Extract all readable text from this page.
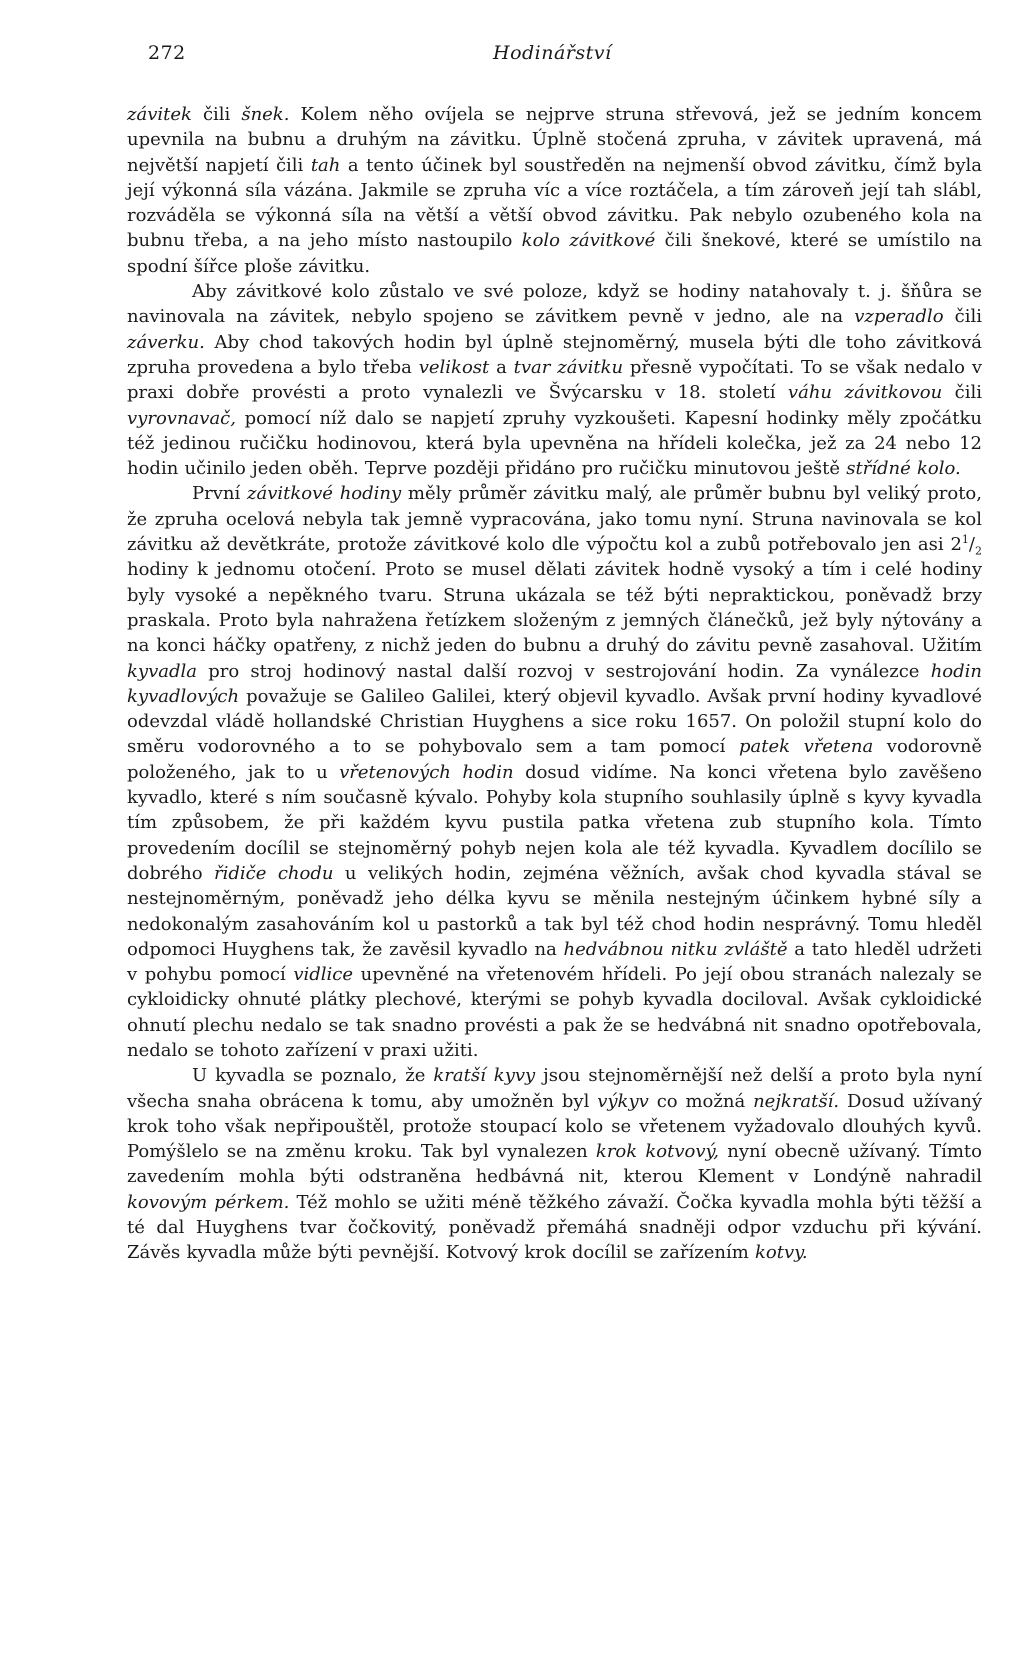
272	Hodinářství

závitek čili šnek. Kolem něho ovíjela se nejprve struna střevová, jež se jedním koncem upevnila na bubnu a druhým na závitku. Úplně stočená zpruha, v závitek upravená, má největší napjetí čili tah a tento účinek byl soustředěn na nejmenší obvod závitku, čímž byla její výkonná síla vázána. Jakmile se zpruha víc a více roztáčela, a tím zároveň její tah slábl, rozváděla se výkonná síla na větší a větší obvod závitku. Pak nebylo ozubeného kola na bubnu třeba, a na jeho místo nastoupilo kolo závitkové čili šnekové, které se umístilo na spodní šířce ploše závitku.

Aby závitkové kolo zůstalo ve své poloze, když se hodiny natahovaly t. j. šňůra se navinovala na závitek, nebylo spojeno se závitkem pevně v jedno, ale na vzperadlo čili záverku. Aby chod takových hodin byl úplně stejnoměrný, musela býti dle toho závitková zpruha provedena a bylo třeba velikost a tvar závitku přesně vypočítati. To se však nedalo v praxi dobře provésti a proto vynalezli ve Švýcarsku v 18. století váhu závitkovou čili vyrovnavač, pomocí níž dalo se napjetí zpruhy vyzkoušeti. Kapesní hodinky měly zpočátku též jedinou ručičku hodinovou, která byla upevněna na hřídeli kolečka, jež za 24 nebo 12 hodin učinilo jeden oběh. Teprve později přidáno pro ručičku minutovou ještě střídné kolo.

První závitkové hodiny měly průměr závitku malý, ale průměr bubnu byl veliký proto, že zpruha ocelová nebyla tak jemně vypracována, jako tomu nyní. Struna navinovala se kol závitku až devětkráte, protože závitkové kolo dle výpočtu kol a zubů potřebovalo jen asi $2^1/_2$ hodiny k jednomu otočení. Proto se musel dělati závitek hodně vysoký a tím i celé hodiny byly vysoké a nepěkného tvaru. Struna ukázala se též býti nepraktickou, poněvadž brzy praskala. Proto byla nahražena řetízkem složeným z jemných článečků, jež byly nýtovány a na konci háčky opatřeny, z nichž jeden do bubnu a druhý do závitu pevně zasahoval. Užitím kyvadla pro stroj hodinový nastal další rozvoj v sestrojování hodin. Za vynálezce hodin kyvadlových považuje se Galileo Galilei, který objevil kyvadlo. Avšak první hodiny kyvadlové odevzdal vládě hollandské Christian Huyghens a sice roku 1657. On položil stupní kolo do směru vodorovného a to se pohybovalo sem a tam pomocí patek vřetena vodorovně položeného, jak to u vřetenových hodin dosud vidíme. Na konci vřetena bylo zavěšeno kyvadlo, které s ním současně kývalo. Pohyby kola stupního souhlasily úplně s kyvy kyvadla tím způsobem, že při každém kyvu pustila patka vřetena zub stupního kola. Tímto provedením docílil se stejnoměrný pohyb nejen kola ale též kyvadla. Kyvadlem docílilo se dobrého řidiče chodu u velikých hodin, zejména věžních, avšak chod kyvadla stával se nestejnoměrným, poněvadž jeho délka kyvu se měnila nestejným účinkem hybné síly a nedokonalým zasahováním kol u pastorků a tak byl též chod hodin nesprávný. Tomu hleděl odpomoci Huyghens tak, že zavěsil kyvadlo na hedvábnou nitku zvláště a tato hleděl udržeti v pohybu pomocí vidlice upevněné na vřetenovém hřídeli. Po její obou stranách nalezaly se cykloidicky ohnuté plátky plechové, kterými se pohyb kyvadla dociloval. Avšak cykloidické ohnutí plechu nedalo se tak snadno provésti a pak že se hedvábná nit snadno opotřebovala, nedalo se tohoto zařízení v praxi užiti.

U kyvadla se poznalo, že kratší kyvy jsou stejnoměrnější než delší a proto byla nyní všecha snaha obrácena k tomu, aby umožněn byl výkyv co možná nejkratší. Dosud užívaný krok toho však nepřipouštěl, protože stoupací kolo se vřetenem vyžadovalo dlouhých kyvů. Pomýšlelo se na změnu kroku. Tak byl vynalezen krok kotvový, nyní obecně užívaný. Tímto zavedením mohla býti odstraněna hedbávná nit, kterou Klement v Londýně nahradil kovovým pérkem. Též mohlo se užiti méně těžkého závaží. Čočka kyvadla mohla býti těžší a té dal Huyghens tvar čočkovitý, poněvadž přemáhá snadněji odpor vzduchu při kývání. Závěs kyvadla může býti pevnější. Kotvový krok docílil se zařízením kotvy.
